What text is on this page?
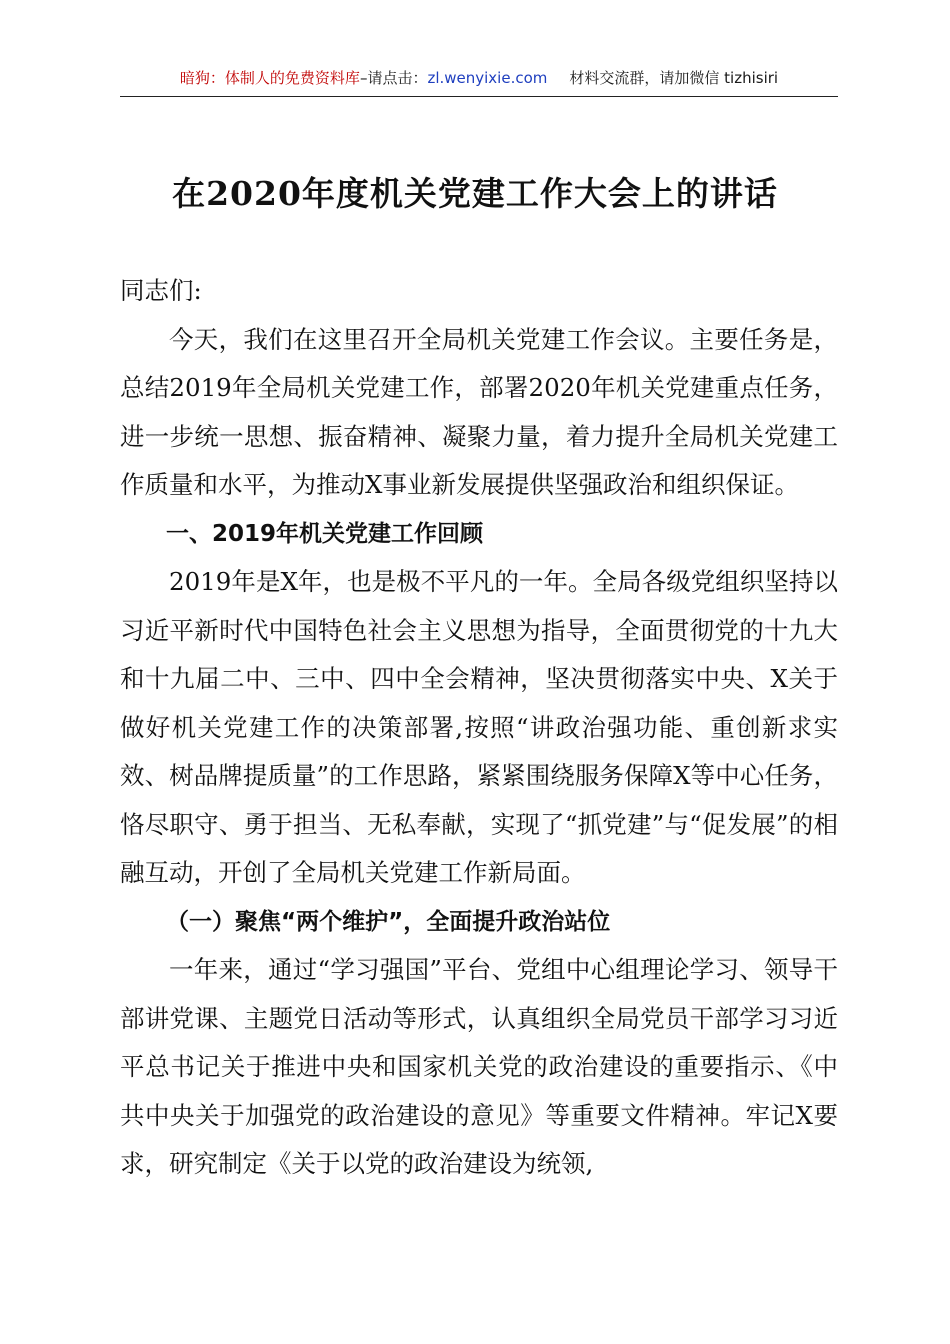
暗狗：体制人的免费资料库–请点击：zl.wenyixie.com 材料交流群，请加微信 tizhisiri
在2020年度机关党建工作大会上的讲话

同志们:

今天，我们在这里召开全局机关党建工作会议。主要任务是，总结2019年全局机关党建工作，部署2020年机关党建重点任务，进一步统一思想、振奋精神、凝聚力量，着力提升全局机关党建工作质量和水平，为推动X事业新发展提供坚强政治和组织保证。

一、2019年机关党建工作回顾

2019年是X年，也是极不平凡的一年。全局各级党组织坚持以习近平新时代中国特色社会主义思想为指导，全面贯彻党的十九大和十九届二中、三中、四中全会精神，坚决贯彻落实中央、X关于做好机关党建工作的决策部署,按照“讲政治强功能、重创新求实效、树品牌提质量”的工作思路，紧紧围绕服务保障X等中心任务，恪尽职守、勇于担当、无私奉献，实现了“抓党建”与“促发展”的相融互动，开创了全局机关党建工作新局面。

（一）聚焦“两个维护”，全面提升政治站位

一年来，通过“学习强国”平台、党组中心组理论学习、领导干部讲党课、主题党日活动等形式，认真组织全局党员干部学习习近平总书记关于推进中央和国家机关党的政治建设的重要指示、《中共中央关于加强党的政治建设的意见》等重要文件精神。牢记X要求，研究制定《关于以党的政治建设为统领,
